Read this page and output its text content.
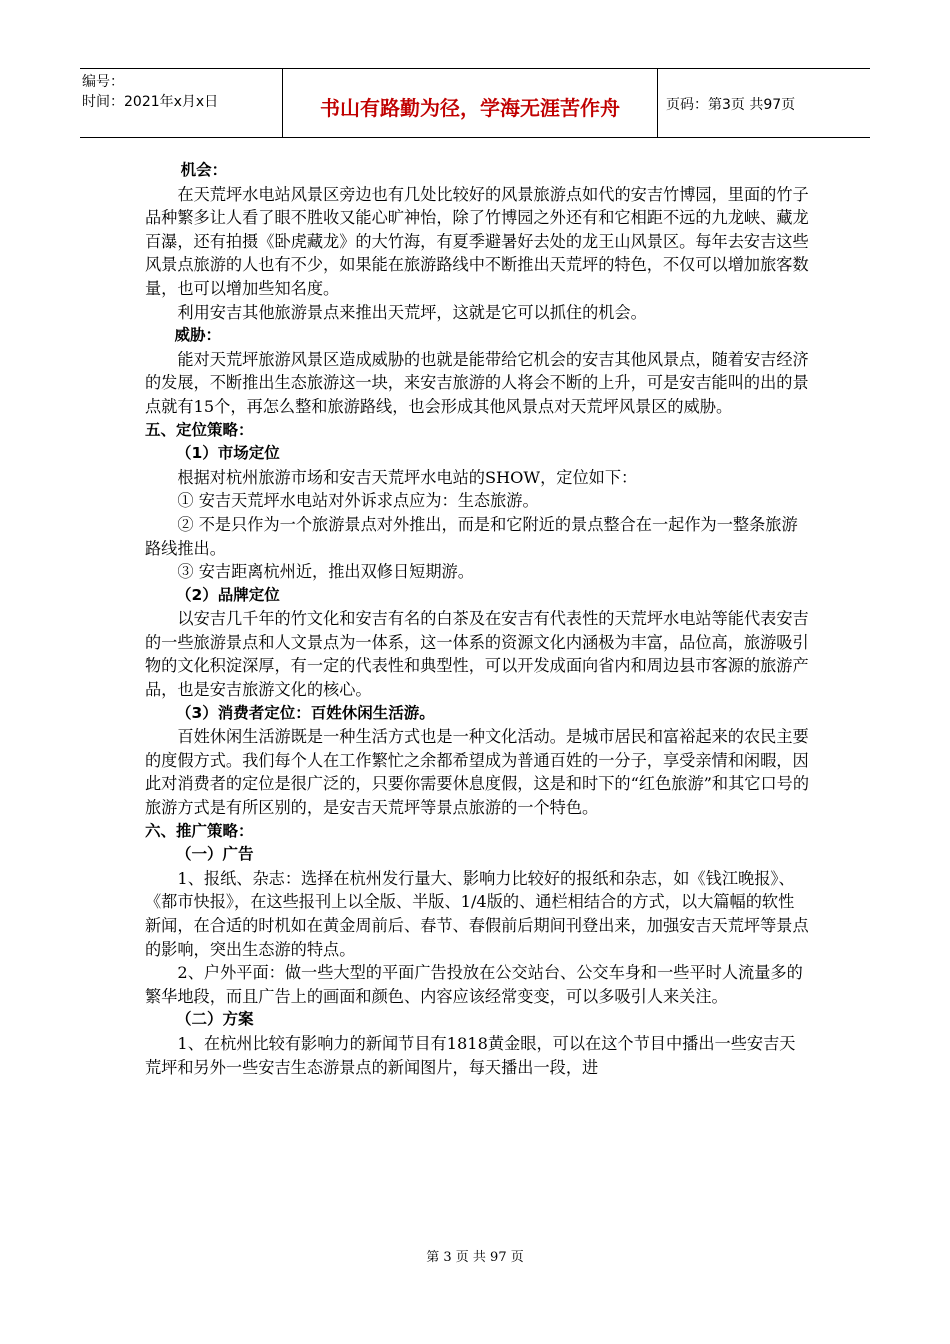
编号：
时间：2021年x月x日	书山有路勤为径，学海无涯苦作舟	页码：第3页 共97页

机会：

在天荒坪水电站风景区旁边也有几处比较好的风景旅游点如代的安吉竹博园，里面的竹子品种繁多让人看了眼不胜收又能心旷神怡，除了竹博园之外还有和它相距不远的九龙峡、藏龙百瀑，还有拍摄《卧虎藏龙》的大竹海，有夏季避暑好去处的龙王山风景区。每年去安吉这些风景点旅游的人也有不少，如果能在旅游路线中不断推出天荒坪的特色，不仅可以增加旅客数量，也可以增加些知名度。

利用安吉其他旅游景点来推出天荒坪，这就是它可以抓住的机会。

威胁：

能对天荒坪旅游风景区造成威胁的也就是能带给它机会的安吉其他风景点，随着安吉经济的发展，不断推出生态旅游这一块，来安吉旅游的人将会不断的上升，可是安吉能叫的出的景点就有15个，再怎么整和旅游路线，也会形成其他风景点对天荒坪风景区的威胁。

五、定位策略：

（1）市场定位

根据对杭州旅游市场和安吉天荒坪水电站的SHOW，定位如下：

① 安吉天荒坪水电站对外诉求点应为：生态旅游。

② 不是只作为一个旅游景点对外推出，而是和它附近的景点整合在一起作为一整条旅游路线推出。

③ 安吉距离杭州近，推出双修日短期游。

（2）品牌定位

以安吉几千年的竹文化和安吉有名的白茶及在安吉有代表性的天荒坪水电站等能代表安吉的一些旅游景点和人文景点为一体系，这一体系的资源文化内涵极为丰富，品位高，旅游吸引物的文化积淀深厚，有一定的代表性和典型性，可以开发成面向省内和周边县市客源的旅游产品，也是安吉旅游文化的核心。

（3）消费者定位：百姓休闲生活游。

百姓休闲生活游既是一种生活方式也是一种文化活动。是城市居民和富裕起来的农民主要的度假方式。我们每个人在工作繁忙之余都希望成为普通百姓的一分子，享受亲情和闲暇，因此对消费者的定位是很广泛的，只要你需要休息度假，这是和时下的“红色旅游”和其它口号的旅游方式是有所区别的，是安吉天荒坪等景点旅游的一个特色。

六、推广策略：

（一）广告

1、报纸、杂志：选择在杭州发行量大、影响力比较好的报纸和杂志，如《钱江晚报》、《都市快报》，在这些报刊上以全版、半版、1/4版的、通栏相结合的方式，以大篇幅的软性新闻，在合适的时机如在黄金周前后、春节、春假前后期间刊登出来，加强安吉天荒坪等景点的影响，突出生态游的特点。

2、户外平面：做一些大型的平面广告投放在公交站台、公交车身和一些平时人流量多的繁华地段，而且广告上的画面和颜色、内容应该经常变变，可以多吸引人来关注。

（二）方案

1、在杭州比较有影响力的新闻节目有1818黄金眼，可以在这个节目中播出一些安吉天荒坪和另外一些安吉生态游景点的新闻图片，每天播出一段，进

第 3 页 共 97 页
